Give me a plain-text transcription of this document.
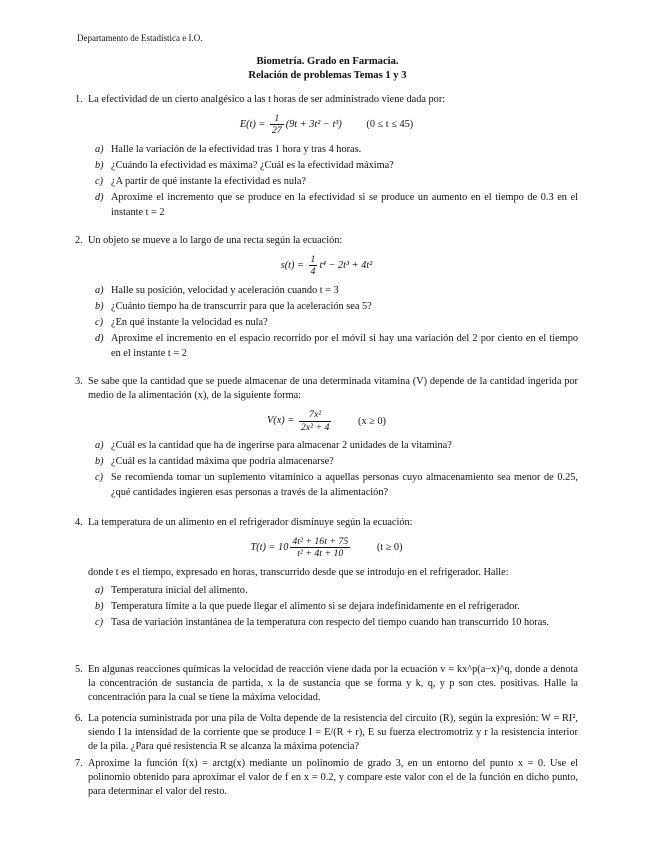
Departamento de Estadística e I.O.
Biometría. Grado en Farmacia.
Relación de problemas Temas 1 y 3
1. La efectividad de un cierto analgésico a las t horas de ser administrado viene dada por:
$E(t) = \frac{1}{27} (9t + 3t^2 - t^3) (0 \le t \le 45)$
a) Halle la variación de la efectividad tras 1 hora y tras 4 horas.
b) ¿Cuándo la efectividad es máxima? ¿Cuál es la efectividad máxima?
c) ¿A partir de qué instante la efectividad es nula?
d) Aproxime el incremento que se produce en la efectividad si se produce un aumento en el tiempo de 0.3 en el instante t = 2
2. Un objeto se mueve a lo largo de una recta según la ecuación:
$s(t) = \frac{1}{4} t^4 - 2t^3 + 4t^2$
a) Halle su posición, velocidad y aceleración cuando t = 3
b) ¿Cuánto tiempo ha de transcurrir para que la aceleración sea 5?
c) ¿En qué instante la velocidad es nula?
d) Aproxime el incremento en el espacio recorrido por el móvil si hay una variación del 2 por ciento en el tiempo en el instante t = 2
3. Se sabe que la cantidad que se puede almacenar de una determinada vitamina (V) depende de la cantidad ingerida por medio de la alimentación (x), de la siguiente forma:
$V(x) = \frac{\text{7x²}}{\text{2x² + 4}}$	(x ≥ 0)
a) ¿Cuál es la cantidad que ha de ingerirse para almacenar 2 unidades de la vitamina?
b) ¿Cuál es la cantidad máxima que podría almacenarse?
c) Se recomienda tomar un suplemento vitamínico a aquellas personas cuyo almacenamiento sea menor de 0.25, ¿qué cantidades ingieren esas personas a través de la alimentación?
4. La temperatura de un alimento en el refrigerador disminuye según la ecuación:
$T(t) = 10 \frac{\text{4t² + 16t + 75}}{\text{t² + 4t + 10}}$	(t ≥ 0)
donde t es el tiempo, expresado en horas, transcurrido desde que se introdujo en el refrigerador. Halle:
a) Temperatura inicial del alimento.
b) Temperatura límite a la que puede llegar el alimento si se dejara indefinidamente en el refrigerador.
c) Tasa de variación instantánea de la temperatura con respecto del tiempo cuando han transcurrido 10 horas.
5. En algunas reacciones químicas la velocidad de reacción viene dada por la ecuación v = kx^p(a−x)^q, donde a denota la concentración de sustancia de partida, x la de sustancia que se forma y k, q, y p son ctes. positivas. Halle la concentración para la cual se tiene la máxima velocidad.
6. La potencia suministrada por una pila de Volta depende de la resistencia del circuito (R), según la expresión: W = RI², siendo I la intensidad de la corriente que se produce I = E/(R + r), E su fuerza electromotriz y r la resistencia interior de la pila. ¿Para qué resistencia R se alcanza la máxima potencia?
7. Aproxime la función f(x) = arctg(x) mediante un polinomio de grado 3, en un entorno del punto x = 0. Use el polinomio obtenido para aproximar el valor de f en x = 0.2, y compare este valor con el de la función en dicho punto, para determinar el valor del resto.
